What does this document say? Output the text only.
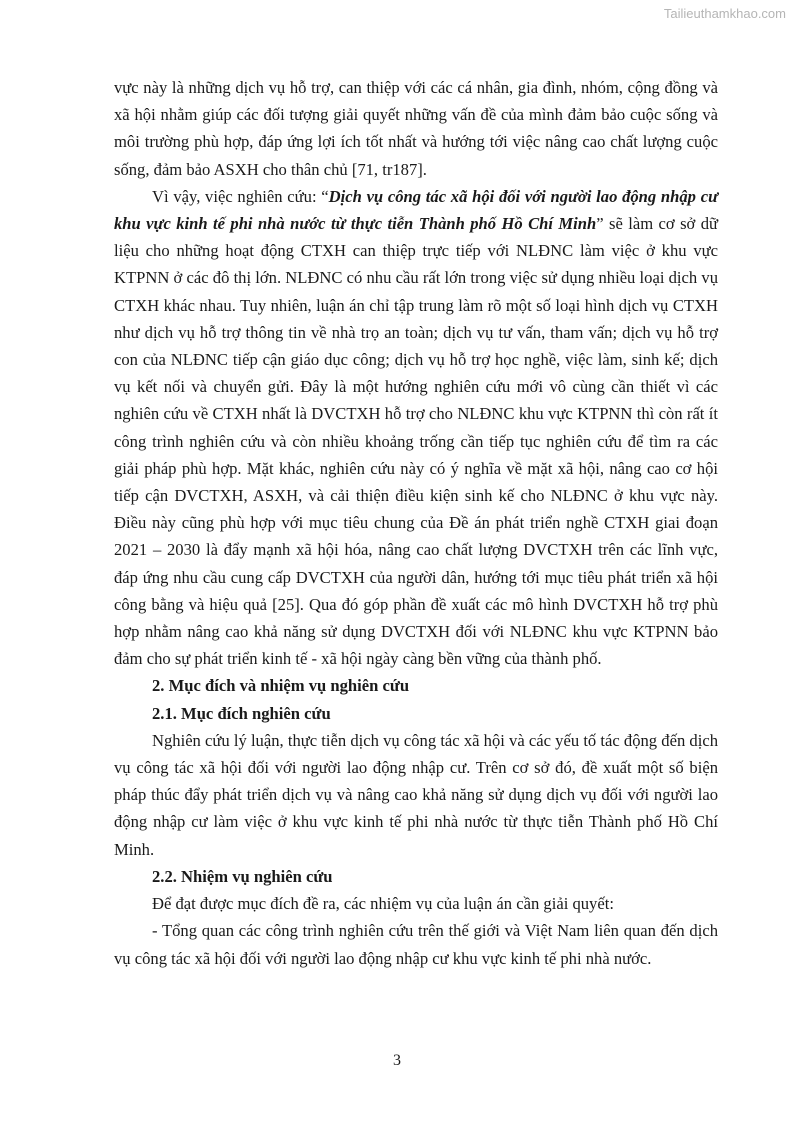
Tailieuthamkhao.com

vực này là những dịch vụ hỗ trợ, can thiệp với các cá nhân, gia đình, nhóm, cộng đồng và xã hội nhằm giúp các đối tượng giải quyết những vấn đề của mình đảm bảo cuộc sống và môi trường phù hợp, đáp ứng lợi ích tốt nhất và hướng tới việc nâng cao chất lượng cuộc sống, đảm bảo ASXH cho thân chủ [71, tr187].

Vì vậy, việc nghiên cứu: “Dịch vụ công tác xã hội đối với người lao động nhập cư khu vực kinh tế phi nhà nước từ thực tiễn Thành phố Hồ Chí Minh” sẽ làm cơ sở dữ liệu cho những hoạt động CTXH can thiệp trực tiếp với NLĐNC làm việc ở khu vực KTPNN ở các đô thị lớn. NLĐNC có nhu cầu rất lớn trong việc sử dụng nhiều loại dịch vụ CTXH khác nhau. Tuy nhiên, luận án chỉ tập trung làm rõ một số loại hình dịch vụ CTXH như dịch vụ hỗ trợ thông tin về nhà trọ an toàn; dịch vụ tư vấn, tham vấn; dịch vụ hỗ trợ con của NLĐNC tiếp cận giáo dục công; dịch vụ hỗ trợ học nghề, việc làm, sinh kế; dịch vụ kết nối và chuyển gửi. Đây là một hướng nghiên cứu mới vô cùng cần thiết vì các nghiên cứu về CTXH nhất là DVCTXH hỗ trợ cho NLĐNC khu vực KTPNN thì còn rất ít công trình nghiên cứu và còn nhiều khoảng trống cần tiếp tục nghiên cứu để tìm ra các giải pháp phù hợp. Mặt khác, nghiên cứu này có ý nghĩa về mặt xã hội, nâng cao cơ hội tiếp cận DVCTXH, ASXH, và cải thiện điều kiện sinh kế cho NLĐNC ở khu vực này. Điều này cũng phù hợp với mục tiêu chung của Đề án phát triển nghề CTXH giai đoạn 2021 – 2030 là đẩy mạnh xã hội hóa, nâng cao chất lượng DVCTXH trên các lĩnh vực, đáp ứng nhu cầu cung cấp DVCTXH của người dân, hướng tới mục tiêu phát triển xã hội công bằng và hiệu quả [25]. Qua đó góp phần đề xuất các mô hình DVCTXH hỗ trợ phù hợp nhằm nâng cao khả năng sử dụng DVCTXH đối với NLĐNC khu vực KTPNN bảo đảm cho sự phát triển kinh tế - xã hội ngày càng bền vững của thành phố.

2. Mục đích và nhiệm vụ nghiên cứu

2.1. Mục đích nghiên cứu

Nghiên cứu lý luận, thực tiễn dịch vụ công tác xã hội và các yếu tố tác động đến dịch vụ công tác xã hội đối với người lao động nhập cư. Trên cơ sở đó, đề xuất một số biện pháp thúc đẩy phát triển dịch vụ và nâng cao khả năng sử dụng dịch vụ đối với người lao động nhập cư làm việc ở khu vực kinh tế phi nhà nước từ thực tiễn Thành phố Hồ Chí Minh.

2.2. Nhiệm vụ nghiên cứu

Để đạt được mục đích đề ra, các nhiệm vụ của luận án cần giải quyết:

- Tổng quan các công trình nghiên cứu trên thế giới và Việt Nam liên quan đến dịch vụ công tác xã hội đối với người lao động nhập cư khu vực kinh tế phi nhà nước.

3
